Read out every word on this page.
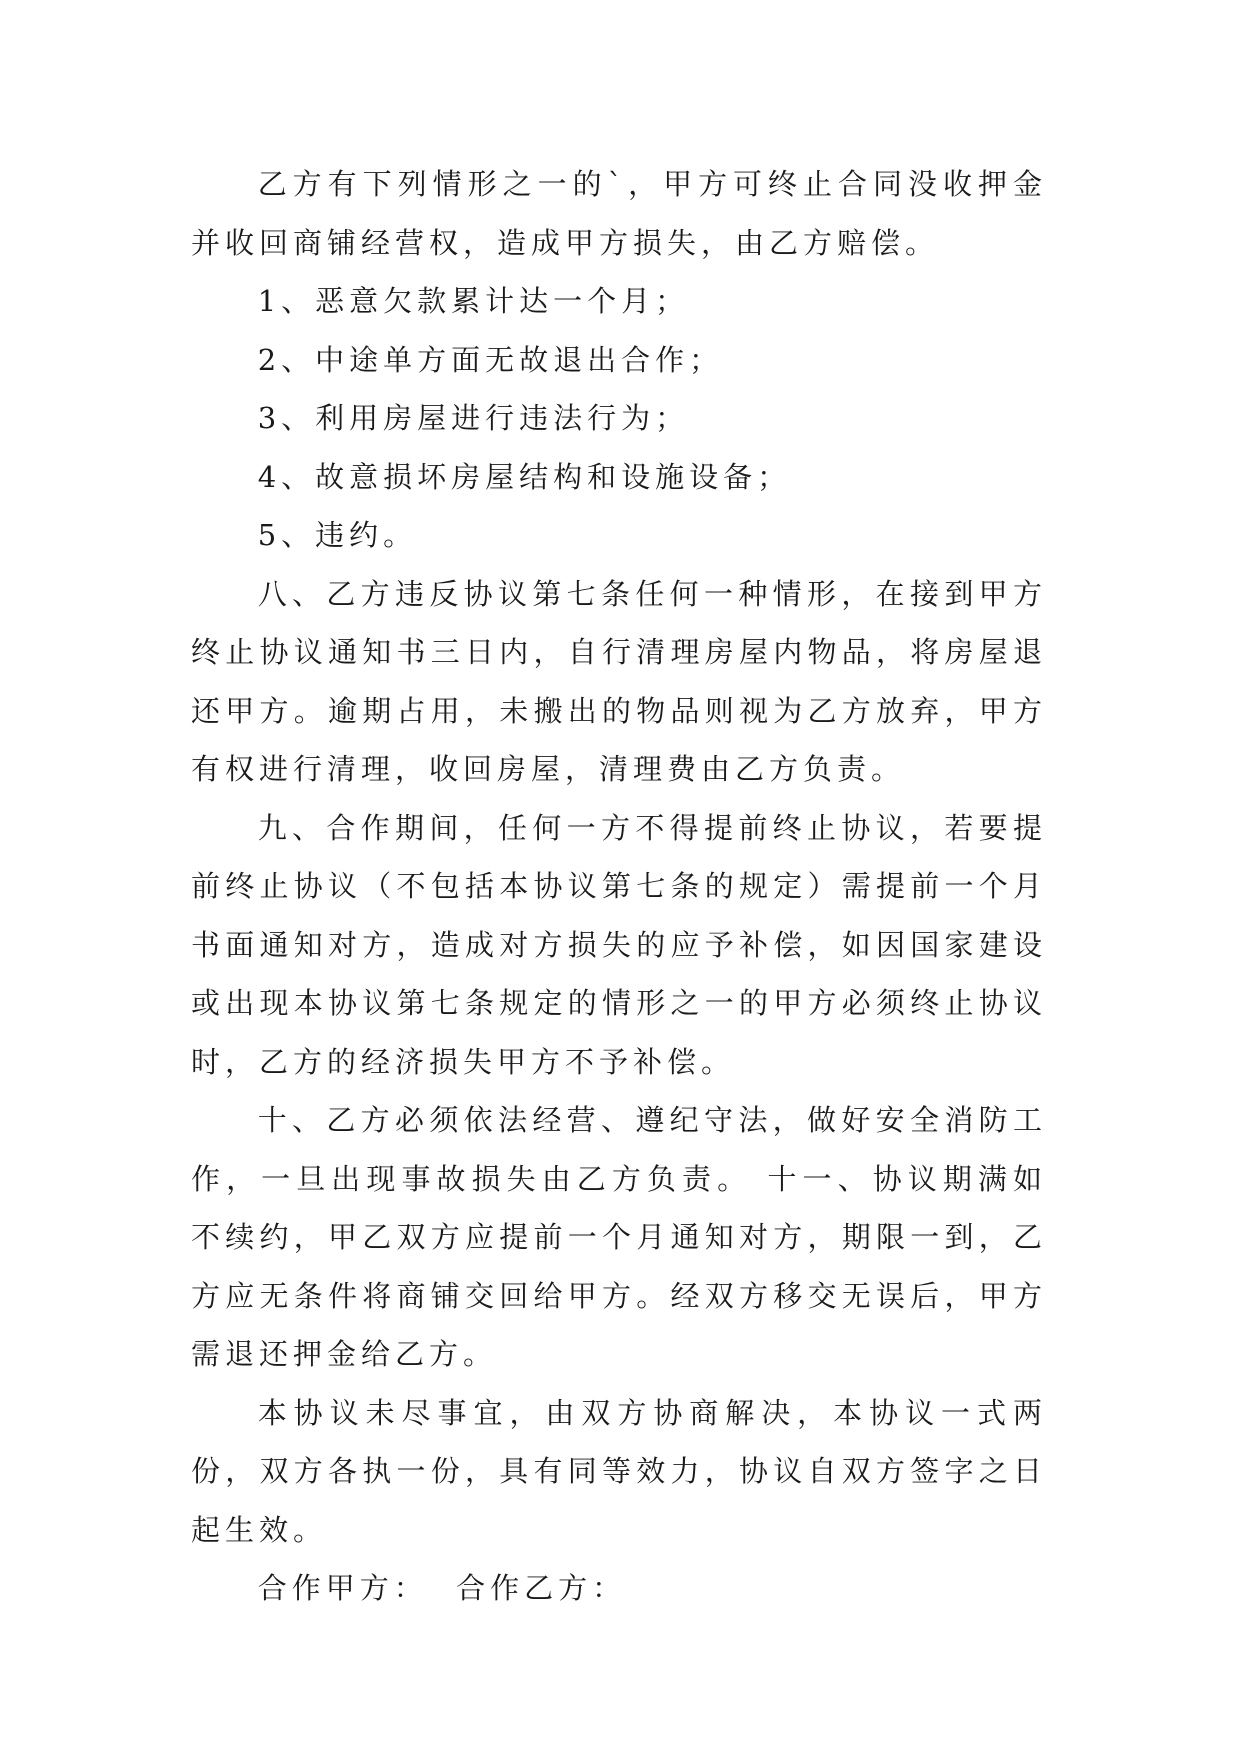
乙方有下列情形之一的`，甲方可终止合同没收押金并收回商铺经营权，造成甲方损失，由乙方赔偿。

1、恶意欠款累计达一个月；

2、中途单方面无故退出合作；

3、利用房屋进行违法行为；

4、故意损坏房屋结构和设施设备；

5、违约。

八、乙方违反协议第七条任何一种情形，在接到甲方终止协议通知书三日内，自行清理房屋内物品，将房屋退还甲方。逾期占用，未搬出的物品则视为乙方放弃，甲方有权进行清理，收回房屋，清理费由乙方负责。

九、合作期间，任何一方不得提前终止协议，若要提前终止协议（不包括本协议第七条的规定）需提前一个月书面通知对方，造成对方损失的应予补偿，如因国家建设或出现本协议第七条规定的情形之一的甲方必须终止协议时，乙方的经济损失甲方不予补偿。

十、乙方必须依法经营、遵纪守法，做好安全消防工作，一旦出现事故损失由乙方负责。 十一、协议期满如不续约，甲乙双方应提前一个月通知对方，期限一到，乙方应无条件将商铺交回给甲方。经双方移交无误后，甲方需退还押金给乙方。

本协议未尽事宜，由双方协商解决，本协议一式两份，双方各执一份，具有同等效力，协议自双方签字之日起生效。

合作甲方：  合作乙方：
